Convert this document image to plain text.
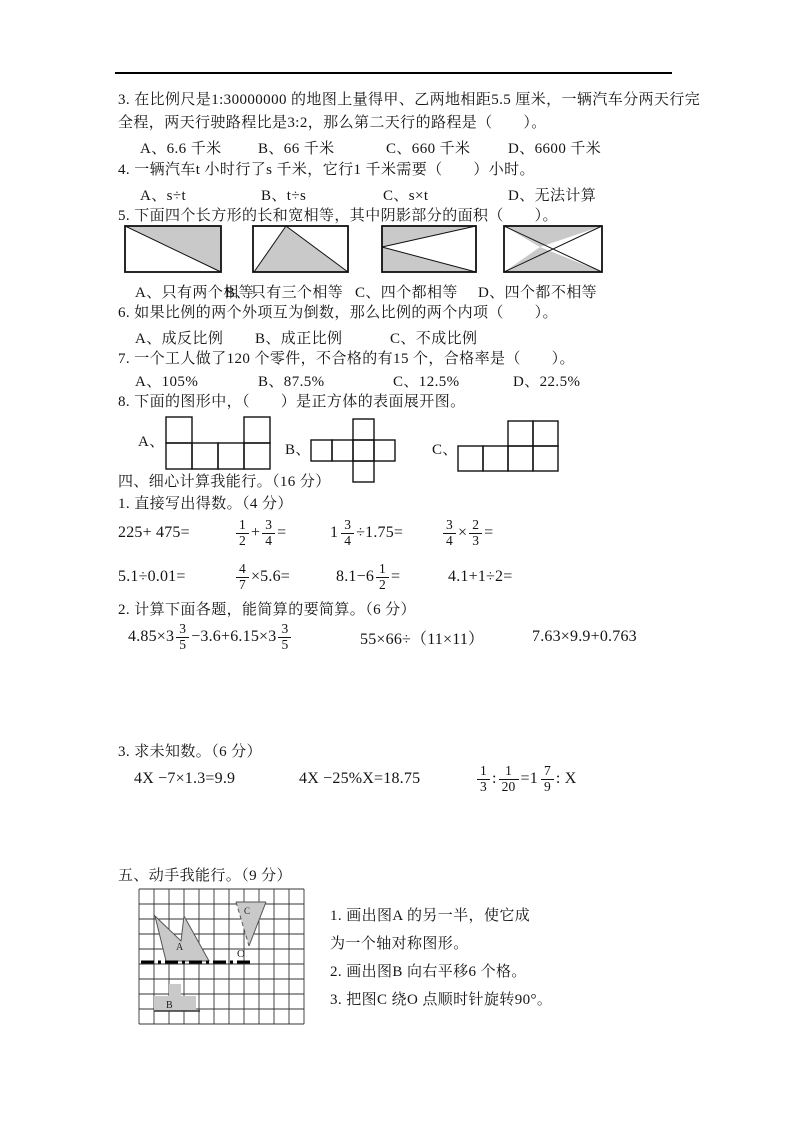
3. 在比例尺是1:30000000 的地图上量得甲、乙两地相距5.5 厘米，一辆汽车分两天行完
全程，两天行驶路程比是3:2，那么第二天行的路程是（　　）。
A、6.6 千米 B、66 千米	C、660 千米	D、6600 千米
4. 一辆汽车t 小时行了s 千米，它行1 千米需要（　　）小时。
A、s÷t	B、t÷s	C、s×t	D、无法计算
5. 下面四个长方形的长和宽相等，其中阴影部分的面积（　　）。
A、只有两个相等
B、只有三个相等 C、四个都相等 D、四个都不相等
6. 如果比例的两个外项互为倒数，那么比例的两个内项（　　）。
A、成反比例 B、成正比例	C、不成比例
7. 一个工人做了120 个零件，不合格的有15 个，合格率是（　　）。
A、105%	B、87.5%	C、12.5%	D、22.5%
8. 下面的图形中，（　　）是正方体的表面展开图。
A、	B、	C、
四、细心计算我能行。（16 分）
1. 直接写出得数。（4 分）
225+ 475=	$\frac{1}{2} + \frac{3}{4}$ =	$1 \frac{3}{4} \div 1.75=$	$\frac{3}{4} \times \frac{2}{3}$ =
5.1÷0.01=	$\frac{4}{7} \times 5.6=$	$8.1-6 \frac{1}{2}$ =	4.1+1÷2=
2. 计算下面各题，能简算的要简算。（6 分）
$4.85\times 3 \frac{3}{5} -3.6+6.15\times 3 \frac{3}{5}$	55×66÷（11×11）	7.63×9.9+0.763
3. 求未知数。（6 分）
4X −7×1.3=9.9	4X −25%X=18.75	$\frac{1}{3}$ : $\frac{1}{20} = 1 \frac{7}{9}$ : X
五、动手我能行。（9 分）
A
C
O
B
1. 画出图A 的另一半，使它成
为一个轴对称图形。
2. 画出图B 向右平移6 个格。
3. 把图C 绕O 点顺时针旋转90°。
